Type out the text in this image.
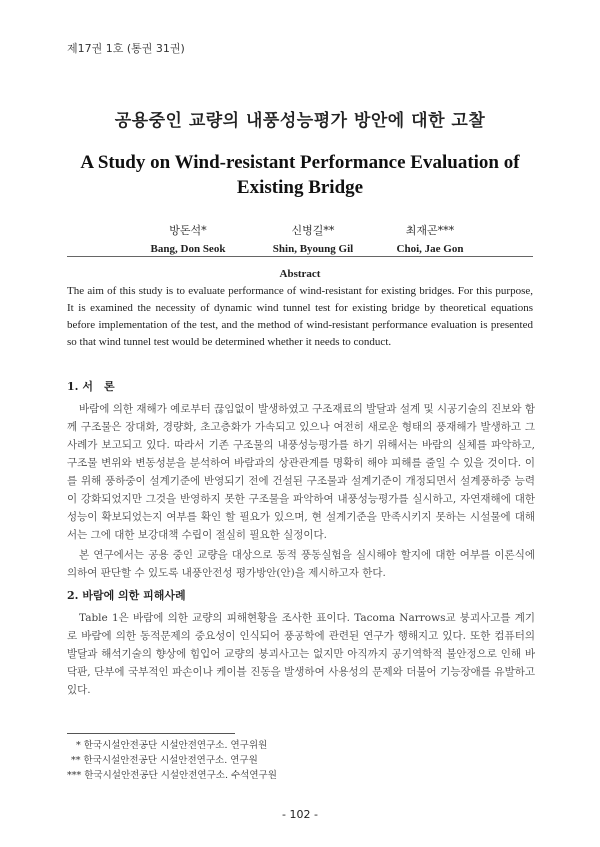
제17권 1호 (통권 31권)
공용중인 교량의 내풍성능평가 방안에 대한 고찰
A Study on Wind-resistant Performance Evaluation of Existing Bridge
방돈석*
Bang, Don Seok
신병길**
Shin, Byoung Gil
최재곤***
Choi, Jae Gon
Abstract
The aim of this study is to evaluate performance of wind-resistant for existing bridges. For this purpose, It is examined the necessity of dynamic wind tunnel test for existing bridge by theoretical equations before implementation of the test, and the method of wind-resistant performance evaluation is presented so that wind tunnel test would be determined whether it needs to conduct.
1. 서　론
바람에 의한 재해가 예로부터 끊임없이 발생하였고 구조재료의 발달과 설계 및 시공기술의 진보와 함께 구조물은 장대화, 경량화, 초고층화가 가속되고 있으나 여전히 새로운 형태의 풍재해가 발생하고 그 사례가 보고되고 있다. 따라서 기존 구조물의 내풍성능평가를 하기 위해서는 바람의 실체를 파악하고, 구조물 변위와 변동성분을 분석하여 바람과의 상관관계를 명확히 해야 피해를 줄일 수 있을 것이다. 이를 위해 풍하중이 설계기준에 반영되기 전에 건설된 구조물과 설계기준이 개정되면서 설계풍하중 능력이 강화되었지만 그것을 반영하지 못한 구조물을 파악하여 내풍성능평가를 실시하고, 자연재해에 대한 성능이 확보되었는지 여부를 확인 할 필요가 있으며, 현 설계기준을 만족시키지 못하는 시설물에 대해서는 그에 대한 보강대책 수립이 절실히 필요한 실정이다.
본 연구에서는 공용 중인 교량을 대상으로 동적 풍동실험을 실시해야 할지에 대한 여부를 이론식에 의하여 판단할 수 있도록 내풍안전성 평가방안(안)을 제시하고자 한다.
2. 바람에 의한 피해사례
Table 1은 바람에 의한 교량의 피해현황을 조사한 표이다. Tacoma Narrows교 붕괴사고를 계기로 바람에 의한 동적문제의 중요성이 인식되어 풍공학에 관련된 연구가 행해지고 있다. 또한 컴퓨터의 발달과 해석기술의 향상에 힘입어 교량의 붕괴사고는 없지만 아직까지 공기역학적 불안정으로 인해 바닥판, 단부에 국부적인 파손이나 케이블 진동을 발생하여 사용성의 문제와 더불어 기능장애를 유발하고 있다.
* 한국시설안전공단 시설안전연구소. 연구위원
** 한국시설안전공단 시설안전연구소. 연구원
*** 한국시설안전공단 시설안전연구소. 수석연구원
- 102 -
